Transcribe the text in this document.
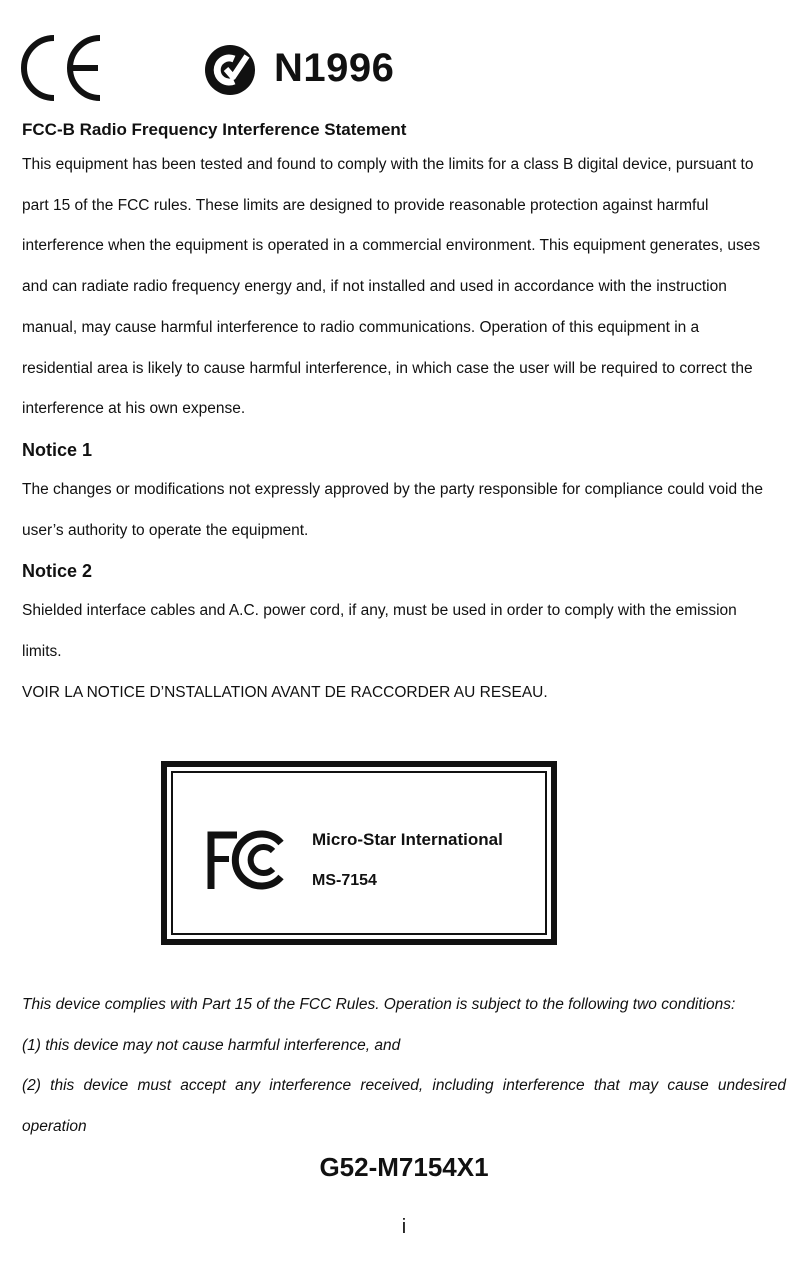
N1996
FCC-B Radio Frequency Interference Statement

This equipment has been tested and found to comply with the limits for a class B digital device, pursuant to

part 15 of the FCC rules. These limits are designed to provide reasonable protection against harmful

interference when the equipment is operated in a commercial environment. This equipment generates, uses

and can radiate radio frequency energy and, if not installed and used in accordance with the instruction

manual, may cause harmful interference to radio communications. Operation of this equipment in a

residential area is likely to cause harmful interference, in which case the user will be required to correct the

interference at his own expense.

Notice 1

The changes or modifications not expressly approved by the party responsible for compliance could void the

user’s authority to operate the equipment.

Notice 2

Shielded interface cables and A.C. power cord, if any, must be used in order to comply with the emission

limits.

VOIR LA NOTICE D’NSTALLATION AVANT DE RACCORDER AU RESEAU.

Micro-Star International
MS-7154

This device complies with Part 15 of the FCC Rules. Operation is subject to the following two conditions:

(1) this device may not cause harmful interference, and

(2) this device must accept any interference received, including interference that may cause undesired

operation

G52-M7154X1
i
